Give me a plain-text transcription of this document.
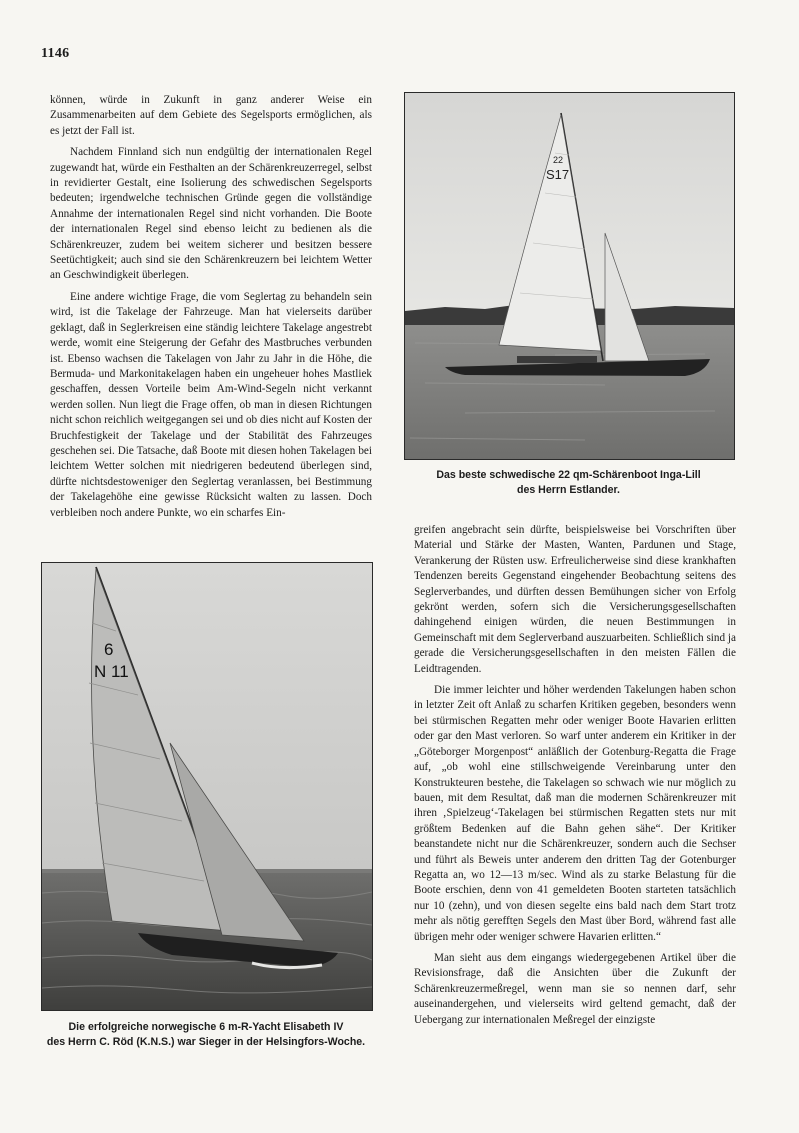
1146

können, würde in Zukunft in ganz anderer Weise ein Zusammenarbeiten auf dem Gebiete des Segelsports ermöglichen, als es jetzt der Fall ist.

Nachdem Finnland sich nun endgültig der internationalen Regel zugewandt hat, würde ein Festhalten an der Schärenkreuzerregel, selbst in revidierter Gestalt, eine Isolierung des schwedischen Segelsports bedeuten; irgendwelche technischen Gründe gegen die vollständige Annahme der internationalen Regel sind nicht vorhanden. Die Boote der internationalen Regel sind ebenso leicht zu bedienen als die Schärenkreuzer, zudem bei weitem sicherer und besitzen bessere Seetüchtigkeit; auch sind sie den Schärenkreuzern bei leichtem Wetter an Geschwindigkeit überlegen.

Eine andere wichtige Frage, die vom Seglertag zu behandeln sein wird, ist die Takelage der Fahrzeuge. Man hat vielerseits darüber geklagt, daß in Seglerkreisen eine ständig leichtere Takelage angestrebt werde, womit eine Steigerung der Gefahr des Mastbruches verbunden ist. Ebenso wachsen die Takelagen von Jahr zu Jahr in die Höhe, die Bermuda- und Markonitakelagen haben ein ungeheuer hohes Mastliek geschaffen, dessen Vorteile beim Am-Wind-Segeln nicht verkannt werden sollen. Nun liegt die Frage offen, ob man in diesen Richtungen nicht schon reichlich weitgegangen sei und ob dies nicht auf Kosten der Bruchfestigkeit der Takelage und der Stabilität des Fahrzeuges geschehen sei. Die Tatsache, daß Boote mit diesen hohen Takelagen bei leichtem Wetter solchen mit niedrigeren bedeutend überlegen sind, dürfte nichtsdestoweniger den Seglertag veranlassen, bei Bestimmung der Takelagehöhe eine gewisse Rücksicht walten zu lassen. Doch verbleiben noch andere Punkte, wo ein scharfes Ein-

22
S17
Das beste schwedische 22 qm-Schärenboot Inga-Lill
des Herrn Estlander.

greifen angebracht sein dürfte, beispielsweise bei Vorschriften über Material und Stärke der Masten, Wanten, Pardunen und Stage, Verankerung der Rüsten usw. Erfreulicherweise sind diese krankhaften Tendenzen bereits Gegenstand eingehender Beobachtung seitens des Seglerverbandes, und dürften dessen Bemühungen sicher von Erfolg gekrönt werden, sofern sich die Versicherungsgesellschaften dahingehend einigen würden, die neuen Bestimmungen in Gemeinschaft mit dem Seglerverband auszuarbeiten. Schließlich sind ja gerade die Versicherungsgesellschaften in den meisten Fällen die Leidtragenden.

Die immer leichter und höher werdenden Takelungen haben schon in letzter Zeit oft Anlaß zu scharfen Kritiken gegeben, besonders wenn bei stürmischen Regatten mehr oder weniger Boote Havarien erlitten oder gar den Mast verloren. So warf unter anderem ein Kritiker in der „Göteborger Morgenpost“ anläßlich der Gotenburg-Regatta die Frage auf, „ob wohl eine stillschweigende Vereinbarung unter den Konstrukteuren bestehe, die Takelagen so schwach wie nur möglich zu bauen, mit dem Resultat, daß man die modernen Schärenkreuzer mit ihren ‚Spielzeug‘-Takelagen bei stürmischen Regatten stets nur mit größtem Bedenken auf die Bahn gehen sähe“. Der Kritiker beanstandete nicht nur die Schärenkreuzer, sondern auch die Sechser und führt als Beweis unter anderem den dritten Tag der Gotenburger Regatta an, wo 12—13 m/sec. Wind als zu starke Belastung für die Boote erschien, denn von 41 gemeldeten Booten starteten tatsächlich nur 10 (zehn), und von diesen segelte eins bald nach dem Start trotz mehr als nötig gereffte̱n Segels den Mast über Bord, während fast alle übrigen mehr oder weniger schwere Havarien erlitten.“

Man sieht aus dem eingangs wiedergegebenen Artikel über die Revisionsfrage, daß die Ansichten über die Zukunft der Schärenkreuzermeßregel, wenn man sie so nennen darf, sehr auseinandergehen, und vielerseits wird geltend gemacht, daß der Uebergang zur internationalen Meßregel der einzigste

6
N 11
Die erfolgreiche norwegische 6 m-R-Yacht Elisabeth IV
des Herrn C. Röd (K.N.S.) war Sieger in der Helsingfors-Woche.
